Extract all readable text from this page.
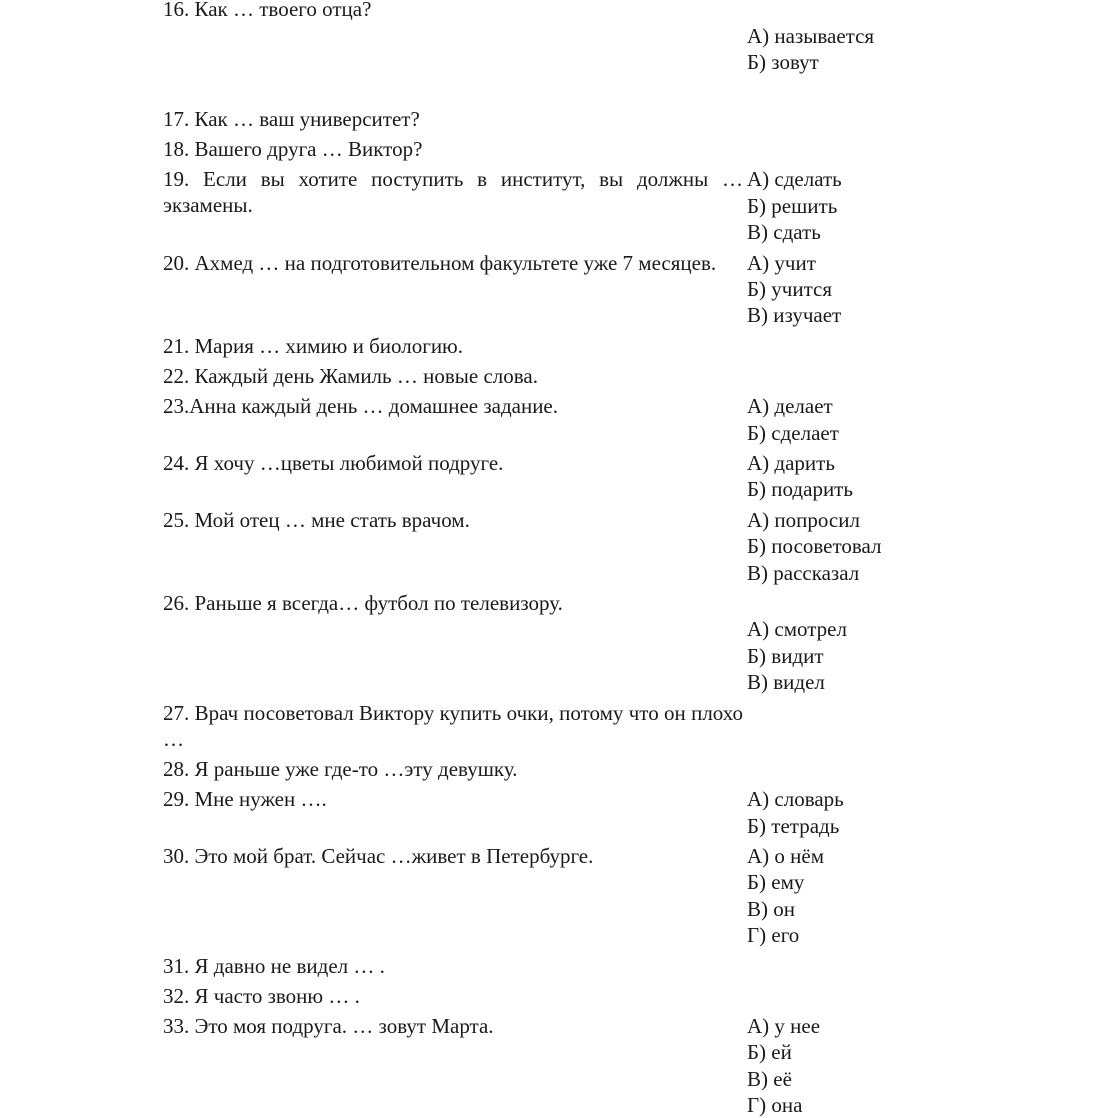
16. Как … твоего отца?
А) называется
Б) зовут
17. Как … ваш университет?
18. Вашего друга … Виктор?
19. Если вы хотите поступить в институт, вы должны … экзамены.
А) сделать
Б) решить
В) сдать
20. Ахмед … на подготовительном факультете уже 7 месяцев.	А) учит
Б) учится
В) изучает
21. Мария … химию и биологию.
22. Каждый день Жамиль … новые слова.
23.Анна каждый день … домашнее задание.	А) делает
Б) сделает
24. Я хочу …цветы любимой подруге.	А) дарить
Б) подарить
25. Мой отец … мне стать врачом.	А) попросил
Б) посоветовал
В) рассказал
26. Раньше я всегда… футбол по телевизору.
А) смотрел
Б) видит
В) видел
27. Врач посоветовал Виктору купить очки, потому что он плохо …
28. Я раньше уже где-то …эту девушку.
29. Мне нужен ….	А) словарь
Б) тетрадь
30. Это мой брат. Сейчас …живет в Петербурге.	А) о нём
Б) ему
В) он
Г) его
31. Я давно не видел … .
32. Я часто звоню … .
33. Это моя подруга. … зовут Марта.	А) у нее
Б) ей
В) её
Г) она
